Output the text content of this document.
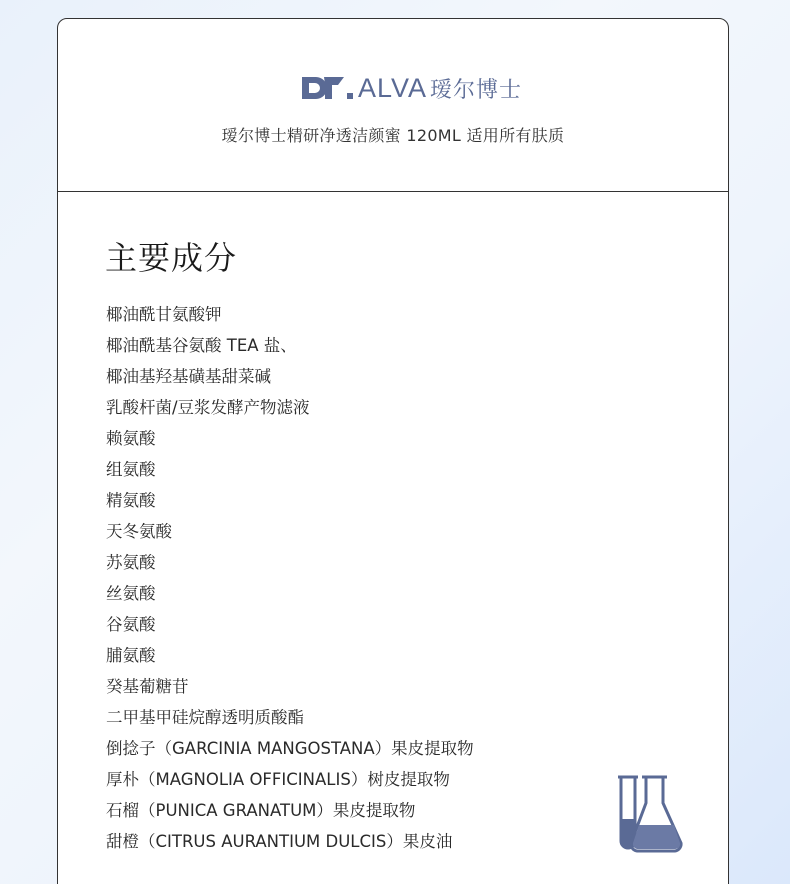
ALVA 瑷尔博士
瑷尔博士精研净透洁颜蜜 120ML 适用所有肤质
主要成分
椰油酰甘氨酸钾
椰油酰基谷氨酸 TEA 盐、
椰油基羟基磺基甜菜碱
乳酸杆菌/豆浆发酵产物滤液
赖氨酸
组氨酸
精氨酸
天冬氨酸
苏氨酸
丝氨酸
谷氨酸
脯氨酸
癸基葡糖苷
二甲基甲硅烷醇透明质酸酯
倒捻子（GARCINIA MANGOSTANA）果皮提取物
厚朴（MAGNOLIA OFFICINALIS）树皮提取物
石榴（PUNICA GRANATUM）果皮提取物
甜橙（CITRUS AURANTIUM DULCIS）果皮油
